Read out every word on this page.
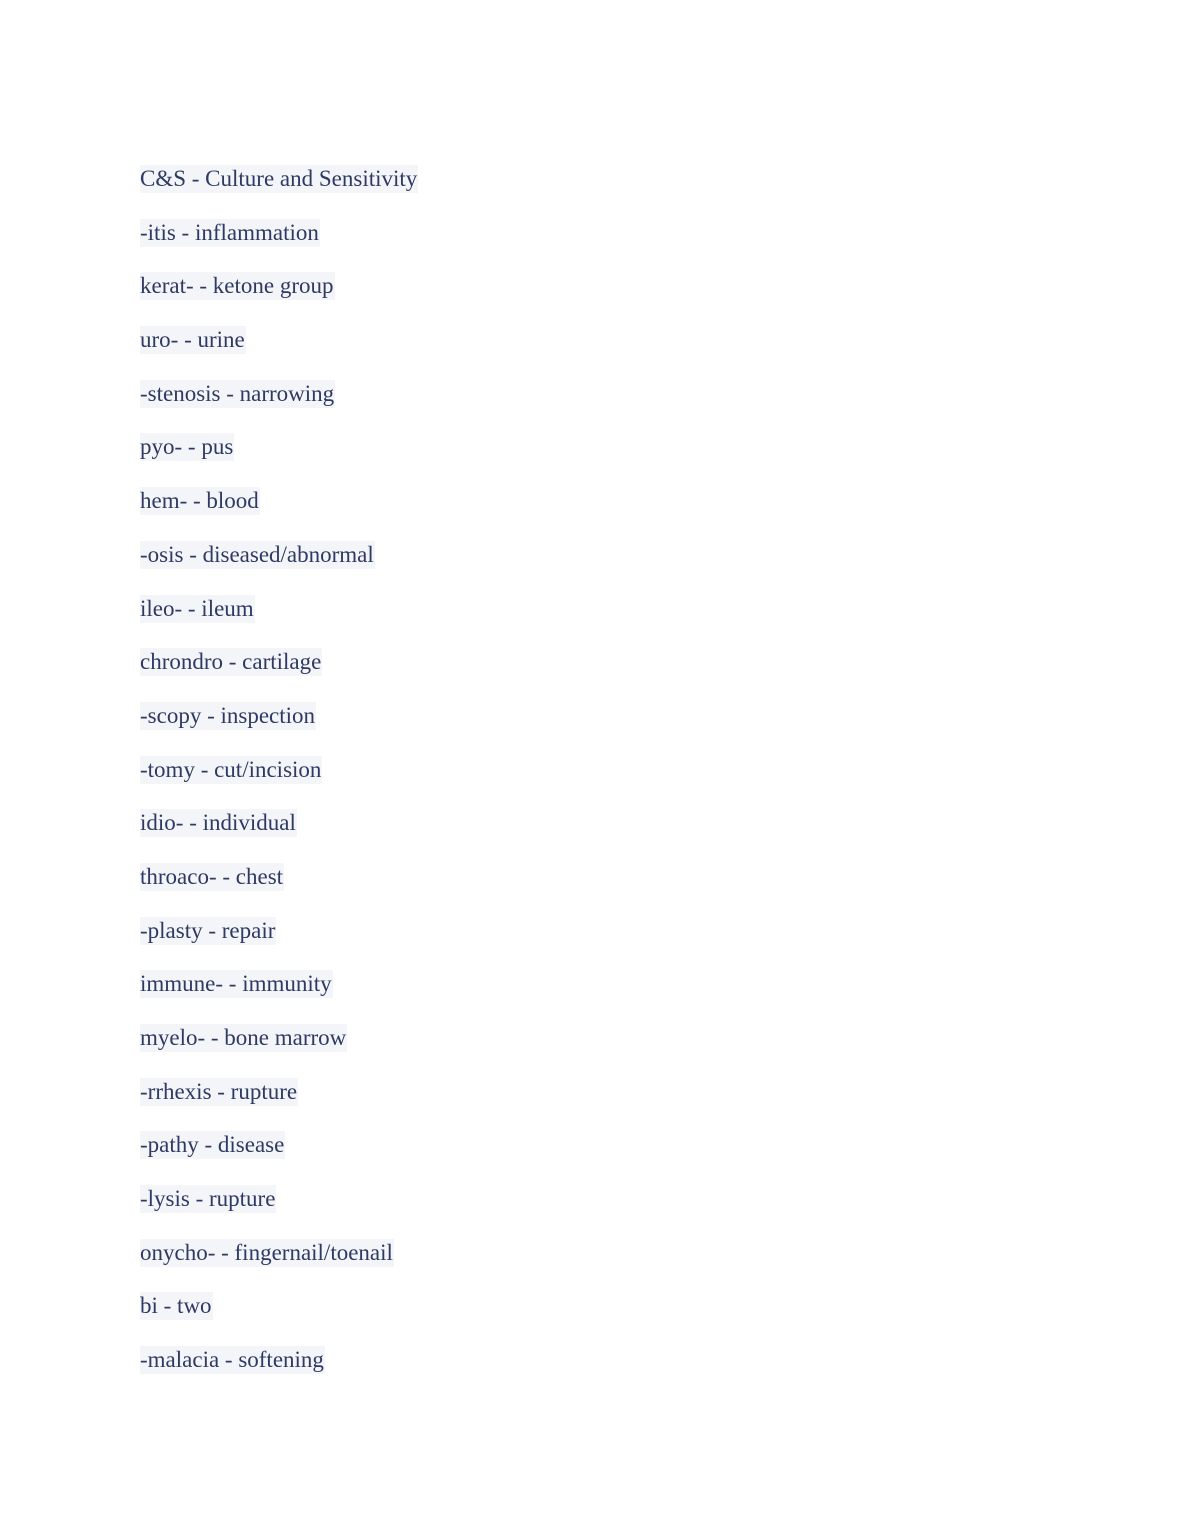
C&S - Culture and Sensitivity
-itis - inflammation
kerat- - ketone group
uro- - urine
-stenosis - narrowing
pyo- - pus
hem- - blood
-osis - diseased/abnormal
ileo- - ileum
chrondro - cartilage
-scopy - inspection
-tomy - cut/incision
idio- - individual
throaco- - chest
-plasty - repair
immune- - immunity
myelo- - bone marrow
-rrhexis - rupture
-pathy - disease
-lysis - rupture
onycho- - fingernail/toenail
bi - two
-malacia - softening
